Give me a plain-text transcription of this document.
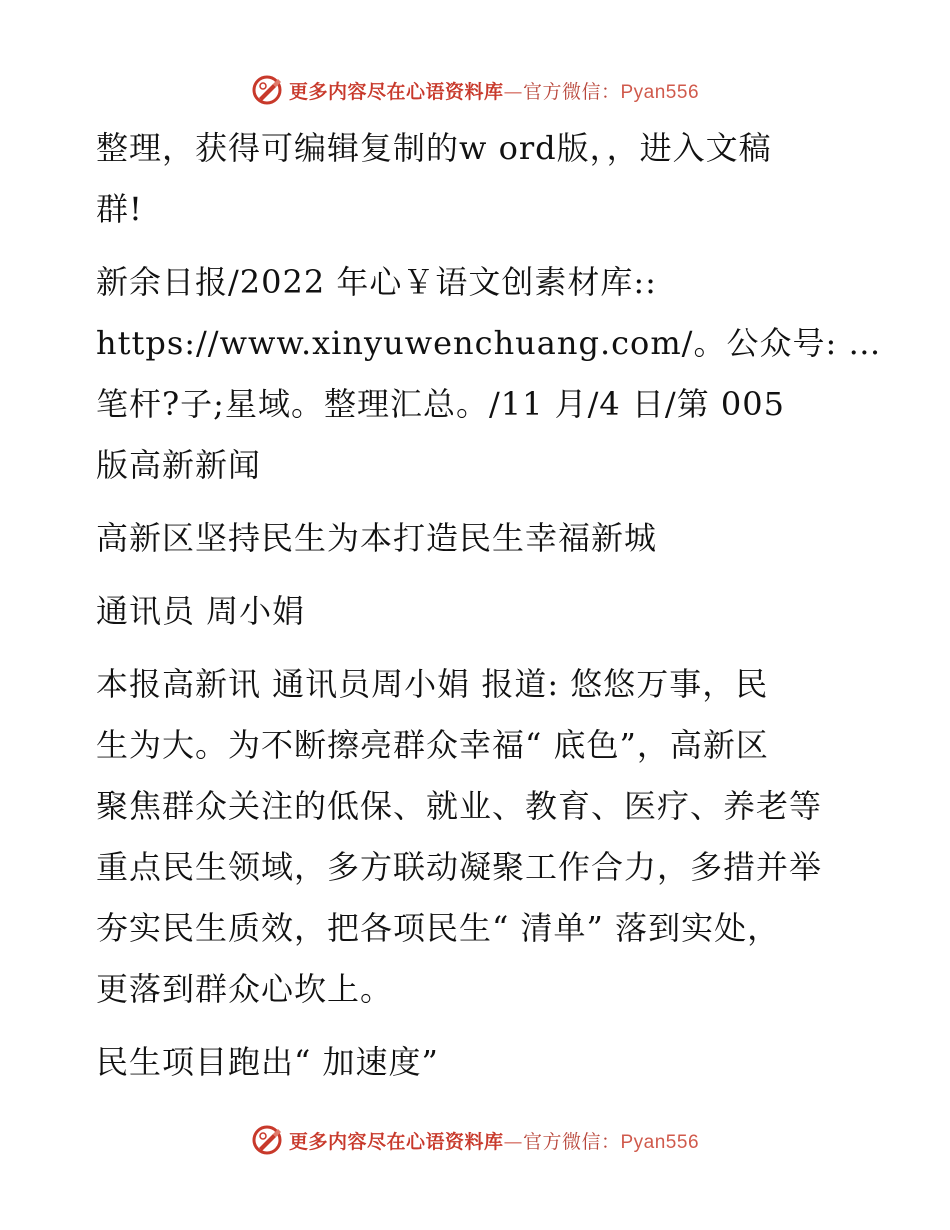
更多内容尽在心语资料库—官方微信：Pyan556

整理，获得可编辑复制的w ord版，，进入文稿
群!

新余日报/2022 年心￥语文创素材库::
https://www.xinyuwenchuang.com/。公众号: …
笔杆?子;星域。整理汇总。/11 月/4 日/第 005
版高新新闻

高新区坚持民生为本打造民生幸福新城

通讯员 周小娟

本报高新讯 通讯员周小娟 报道: 悠悠万事，民
生为大。为不断擦亮群众幸福“ 底色”，高新区
聚焦群众关注的低保、就业、教育、医疗、养老等
重点民生领域，多方联动凝聚工作合力，多措并举
夯实民生质效，把各项民生“ 清单” 落到实处，
更落到群众心坎上。

民生项目跑出“ 加速度”

更多内容尽在心语资料库—官方微信：Pyan556
